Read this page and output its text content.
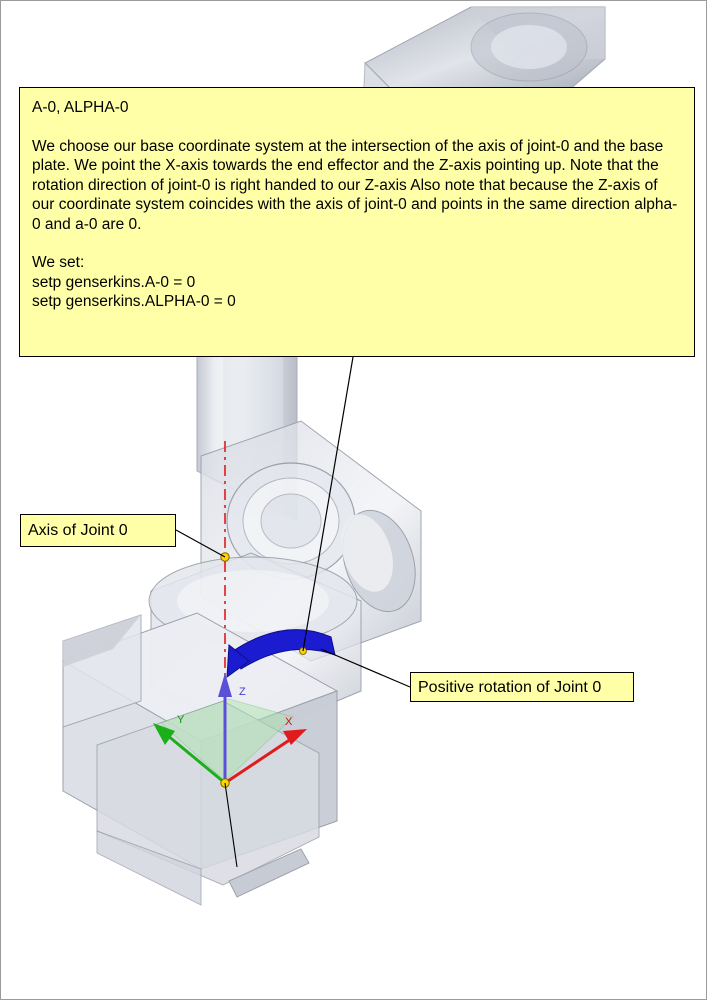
Z
X
Y
A-0, ALPHA-0
We choose our base coordinate system at the intersection of the axis of joint-0 and the base plate. We point the X-axis towards the end effector and the Z-axis pointing up. Note that the rotation direction of joint-0 is right handed to our Z-axis Also note that because the Z-axis of our coordinate system coincides with the axis of joint-0 and points in the same direction alpha-0 and a-0 are 0.
We set:
setp genserkins.A-0 = 0
setp genserkins.ALPHA-0 = 0
Axis of Joint 0
Positive rotation of Joint 0
